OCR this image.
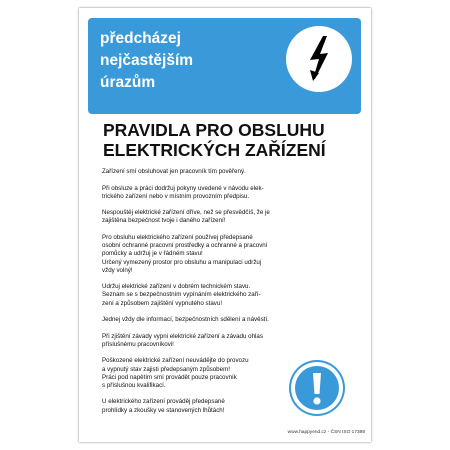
předcházej
nejčastějším
úrazům
PRAVIDLA PRO OBSLUHU
ELEKTRICKÝCH ZAŘÍZENÍ
Zařízení smí obsluhovat jen pracovník tím pověřený.
Při obsluze a práci dodržuj pokyny uvedené v návodu elek-
trického zařízení nebo v místním provozním předpisu.
Nespouštěj elektrické zařízení dříve, než se přesvědčíš, že je
zajištěna bezpečnost tvoje i daného zařízení!
Pro obsluhu elektrického zařízení používej předepsané
osobní ochranné pracovní prostředky a ochranné a pracovní
pomůcky a udržuj je v řádném stavu!
Určený vymezený prostor pro obsluhu a manipulaci udržuj
vždy volný!
Udržuj elektrické zařízení v dobrém technickém stavu.
Seznam se s bezpečnostním vypínáním elektrického zaří-
zení a způsobem zajištění vypnutého stavu!
Jednej vždy dle informací, bezpečnostních sdělení a návěstí.
Při zjištění závady vypni elektrické zařízení a závadu ohlas
příslušnému pracovníkovi!
Poškozené elektrické zařízení neuvádějte do provozu
a vypnutý stav zajisti předepsaným způsobem!
Práci pod napětím smí provádět pouze pracovník
s příslušnou kvalifikací.
U elektrického zařízení prováděj předepsané
prohlídky a zkoušky ve stanovených lhůtách!
www.happyend.cz - ČSN ISO 17398
